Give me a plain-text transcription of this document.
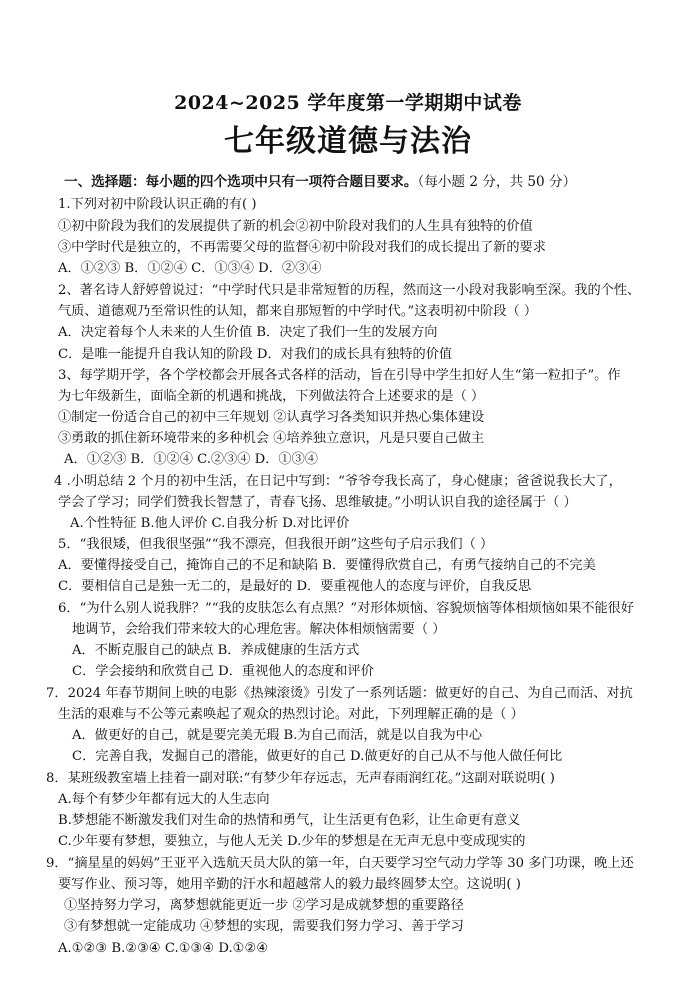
2024~2025 学年度第一学期期中试卷
七年级道德与法治
一、选择题：每小题的四个选项中只有一项符合题目要求。（每小题 2 分，共 50 分）
1.下列对初中阶段认识正确的有( )
①初中阶段为我们的发展提供了新的机会②初中阶段对我们的人生具有独特的价值
③中学时代是独立的，不再需要父母的监督④初中阶段对我们的成长提出了新的要求
A．①②③ B．①②④ C．①③④ D．②③④
2、著名诗人舒婷曾说过：“中学时代只是非常短暂的历程，然而这一小段对我影响至深。我的个性、
气质、道德观乃至常识性的认知，都来自那短暂的中学时代。”这表明初中阶段（ ）
A．决定着每个人未来的人生价值 B．决定了我们一生的发展方向
C．是唯一能提升自我认知的阶段 D．对我们的成长具有独特的价值
3、每学期开学，各个学校都会开展各式各样的活动，旨在引导中学生扣好人生“第一粒扣子”。作
为七年级新生，面临全新的机遇和挑战，下列做法符合上述要求的是（ ）
①制定一份适合自己的初中三年规划 ②认真学习各类知识并热心集体建设
③勇敢的抓住新环境带来的多种机会 ④培养独立意识，凡是只要自己做主
A．①②③ B．①②④ C.②③④ D．①③④
4 .小明总结 2 个月的初中生活，在日记中写到：“爷爷夸我长高了，身心健康；爸爸说我长大了，
学会了学习；同学们赞我长智慧了，青春飞扬、思维敏捷。”小明认识自我的途径属于（ ）
A.个性特征 B.他人评价 C.自我分析 D.对比评价
5．“我很矮，但我很坚强”“我不漂亮，但我很开朗”这些句子启示我们（ ）
A．要懂得接受自己，掩饰自己的不足和缺陷 B．要懂得欣赏自己，有勇气接纳自己的不完美
C．要相信自己是独一无二的，是最好的 D．要重视他人的态度与评价，自我反思
6．“为什么别人说我胖？”“我的皮肤怎么有点黑？”对形体烦恼、容貌烦恼等体相烦恼如果不能很好
地调节，会给我们带来较大的心理危害。解决体相烦恼需要（ ）
A．不断克服自己的缺点 B．养成健康的生活方式
C．学会接纳和欣赏自己 D．重视他人的态度和评价
7．2024 年春节期间上映的电影《热辣滚烫》引发了一系列话题：做更好的自己、为自己而活、对抗
生活的艰难与不公等元素唤起了观众的热烈讨论。对此，下列理解正确的是（ ）
A．做更好的自己，就是要完美无瑕 B.为自己而活，就是以自我为中心
C．完善自我，发掘自己的潜能，做更好的自己 D.做更好的自己从不与他人做任何比
8．某班级教室墙上挂着一副对联:“有梦少年存远志，无声春雨润红花。”这副对联说明( )
A.每个有梦少年都有远大的人生志向
B.梦想能不断激发我们对生命的热情和勇气，让生活更有色彩，让生命更有意义
C.少年要有梦想，要独立，与他人无关 D.少年的梦想是在无声无息中变成现实的
9．“摘星星的妈妈”王亚平入选航天员大队的第一年，白天要学习空气动力学等 30 多门功课，晚上还
要写作业、预习等，她用辛勤的汗水和超越常人的毅力最终圆梦太空。这说明( )
①坚持努力学习，离梦想就能更近一步 ②学习是成就梦想的重要路径
③有梦想就一定能成功 ④梦想的实现，需要我们努力学习、善于学习
A.①②③ B.②③④ C.①③④ D.①②④
